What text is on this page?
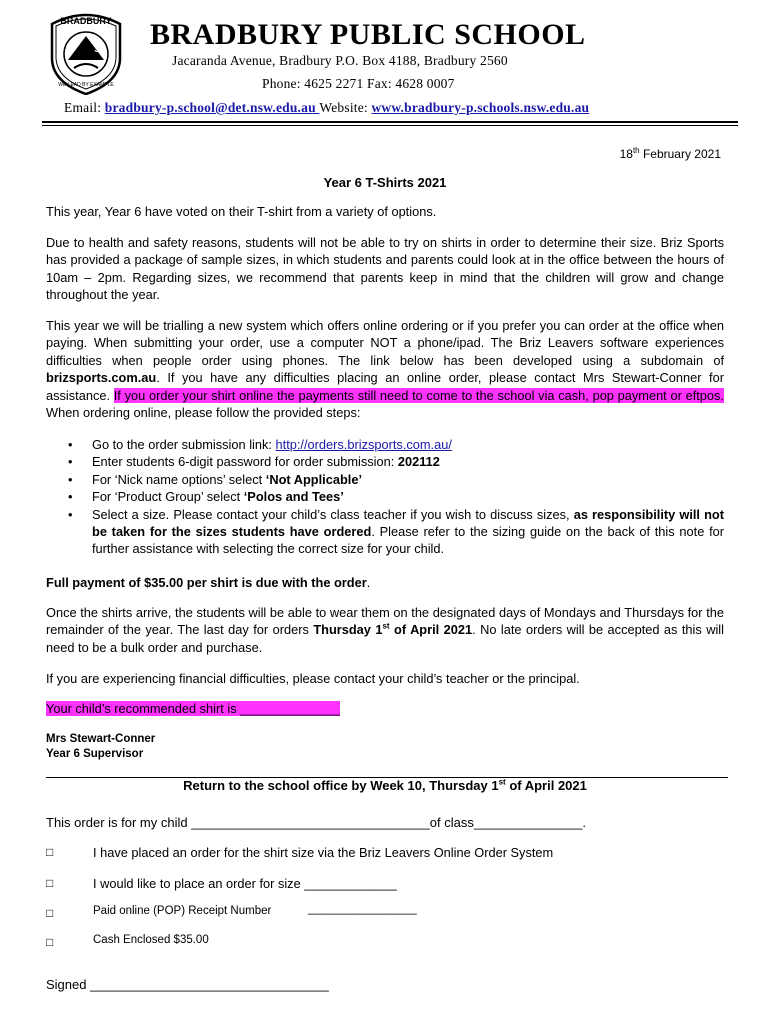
BRADBURY
P S
WE LEAD BY EXAMPLE
BRADBURY PUBLIC SCHOOL
Jacaranda Avenue, Bradbury P.O. Box 4188, Bradbury 2560
Phone: 4625 2271 Fax: 4628 0007
Email: bradbury-p.school@det.nsw.edu.au Website: www.bradbury-p.schools.nsw.edu.au
18th February 2021
Year 6 T-Shirts 2021

This year, Year 6 have voted on their T-shirt from a variety of options.

Due to health and safety reasons, students will not be able to try on shirts in order to determine their size. Briz Sports has provided a package of sample sizes, in which students and parents could look at in the office between the hours of 10am – 2pm. Regarding sizes, we recommend that parents keep in mind that the children will grow and change throughout the year.

This year we will be trialling a new system which offers online ordering or if you prefer you can order at the office when paying. When submitting your order, use a computer NOT a phone/ipad. The Briz Leavers software experiences difficulties when people order using phones. The link below has been developed using a subdomain of brizsports.com.au. If you have any difficulties placing an online order, please contact Mrs Stewart-Conner for assistance. If you order your shirt online the payments still need to come to the school via cash, pop payment or eftpos. When ordering online, please follow the provided steps:

• Go to the order submission link: http://orders.brizsports.com.au/
• Enter students 6-digit password for order submission: 202112
• For ‘Nick name options’ select ‘Not Applicable’
• For ‘Product Group’ select ‘Polos and Tees’
• Select a size. Please contact your child’s class teacher if you wish to discuss sizes, as responsibility will not be taken for the sizes students have ordered. Please refer to the sizing guide on the back of this note for further assistance with selecting the correct size for your child.

Full payment of $35.00 per shirt is due with the order.

Once the shirts arrive, the students will be able to wear them on the designated days of Mondays and Thursdays for the remainder of the year. The last day for orders Thursday 1st of April 2021. No late orders will be accepted as this will need to be a bulk order and purchase.

If you are experiencing financial difficulties, please contact your child’s teacher or the principal.

Your child’s recommended shirt is ______________
Mrs Stewart-Conner
Year 6 Supervisor
Return to the school office by Week 10, Thursday 1st of April 2021
This order is for my child _________________________________of class_______________.
□	I have placed an order for the shirt size via the Briz Leavers Online Order System
□	I would like to place an order for size _____________
□	Paid online (POP) Receipt Number	_________________
□	Cash Enclosed $35.00
Signed _________________________________
